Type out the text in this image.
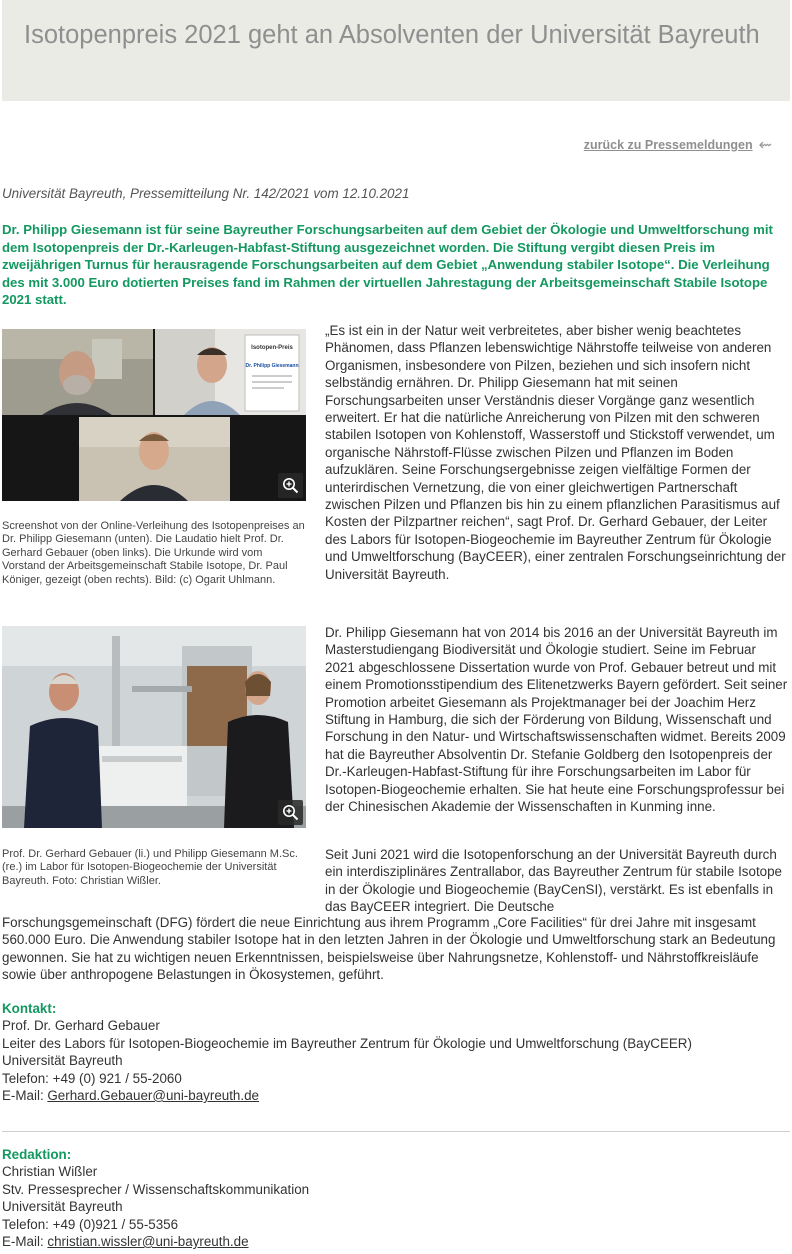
Isotopenpreis 2021 geht an Absolventen der Universität Bayreuth
zurück zu Pressemeldungen ⇜
Universität Bayreuth, Pressemitteilung Nr. 142/2021 vom 12.10.2021
Dr. Philipp Giesemann ist für seine Bayreuther Forschungsarbeiten auf dem Gebiet der Ökologie und Umweltforschung mit dem Isotopenpreis der Dr.-Karleugen-Habfast-Stiftung ausgezeichnet worden. Die Stiftung vergibt diesen Preis im zweijährigen Turnus für herausragende Forschungsarbeiten auf dem Gebiet „Anwendung stabiler Isotope“. Die Verleihung des mit 3.000 Euro dotierten Preises fand im Rahmen der virtuellen Jahrestagung der Arbeitsgemeinschaft Stabile Isotope 2021 statt.
Isotopen-Preis
Dr. Philipp Giesemann
Screenshot von der Online-Verleihung des Isotopenpreises an Dr. Philipp Giesemann (unten). Die Laudatio hielt Prof. Dr. Gerhard Gebauer (oben links). Die Urkunde wird vom Vorstand der Arbeitsgemeinschaft Stabile Isotope, Dr. Paul Königer, gezeigt (oben rechts). Bild: (c) Ogarit Uhlmann.
Prof. Dr. Gerhard Gebauer (li.) und Philipp Giesemann M.Sc. (re.) im Labor für Isotopen-Biogeochemie der Universität Bayreuth. Foto: Christian Wißler.

„Es ist ein in der Natur weit verbreitetes, aber bisher wenig beachtetes Phänomen, dass Pflanzen lebenswichtige Nährstoffe teilweise von anderen Organismen, insbesondere von Pilzen, beziehen und sich insofern nicht selbständig ernähren. Dr. Philipp Giesemann hat mit seinen Forschungsarbeiten unser Verständnis dieser Vorgänge ganz wesentlich erweitert. Er hat die natürliche Anreicherung von Pilzen mit den schweren stabilen Isotopen von Kohlenstoff, Wasserstoff und Stickstoff verwendet, um organische Nährstoff-Flüsse zwischen Pilzen und Pflanzen im Boden aufzuklären. Seine Forschungsergebnisse zeigen vielfältige Formen der unterirdischen Vernetzung, die von einer gleichwertigen Partnerschaft zwischen Pilzen und Pflanzen bis hin zu einem pflanzlichen Parasitismus auf Kosten der Pilzpartner reichen“, sagt Prof. Dr. Gerhard Gebauer, der Leiter des Labors für Isotopen-Biogeochemie im Bayreuther Zentrum für Ökologie und Umweltforschung (BayCEER), einer zentralen Forschungseinrichtung der Universität Bayreuth.

Dr. Philipp Giesemann hat von 2014 bis 2016 an der Universität Bayreuth im Masterstudiengang Biodiversität und Ökologie studiert. Seine im Februar 2021 abgeschlossene Dissertation wurde von Prof. Gebauer betreut und mit einem Promotionsstipendium des Elitenetzwerks Bayern gefördert. Seit seiner Promotion arbeitet Giesemann als Projektmanager bei der Joachim Herz Stiftung in Hamburg, die sich der Förderung von Bildung, Wissenschaft und Forschung in den Natur- und Wirtschaftswissenschaften widmet. Bereits 2009 hat die Bayreuther Absolventin Dr. Stefanie Goldberg den Isotopenpreis der Dr.-Karleugen-Habfast-Stiftung für ihre Forschungsarbeiten im Labor für Isotopen-Biogeochemie erhalten. Sie hat heute eine Forschungsprofessur bei der Chinesischen Akademie der Wissenschaften in Kunming inne.

Seit Juni 2021 wird die Isotopenforschung an der Universität Bayreuth durch ein interdisziplinäres Zentrallabor, das Bayreuther Zentrum für stabile Isotope in der Ökologie und Biogeochemie (BayCenSI), verstärkt. Es ist ebenfalls in das BayCEER integriert. Die Deutsche

Forschungsgemeinschaft (DFG) fördert die neue Einrichtung aus ihrem Programm „Core Facilities“ für drei Jahre mit insgesamt 560.000 Euro. Die Anwendung stabiler Isotope hat in den letzten Jahren in der Ökologie und Umweltforschung stark an Bedeutung gewonnen. Sie hat zu wichtigen neuen Erkenntnissen, beispielsweise über Nahrungsnetze, Kohlenstoff- und Nährstoffkreisläufe sowie über anthropogene Belastungen in Ökosystemen, geführt.

Kontakt:
Prof. Dr. Gerhard Gebauer
Leiter des Labors für Isotopen-Biogeochemie im Bayreuther Zentrum für Ökologie und Umweltforschung (BayCEER)
Universität Bayreuth
Telefon: +49 (0) 921 / 55-2060
E-Mail: Gerhard.Gebauer@uni-bayreuth.de
Redaktion:
Christian Wißler
Stv. Pressesprecher / Wissenschaftskommunikation
Universität Bayreuth
Telefon: +49 (0)921 / 55-5356
E-Mail: christian.wissler@uni-bayreuth.de
